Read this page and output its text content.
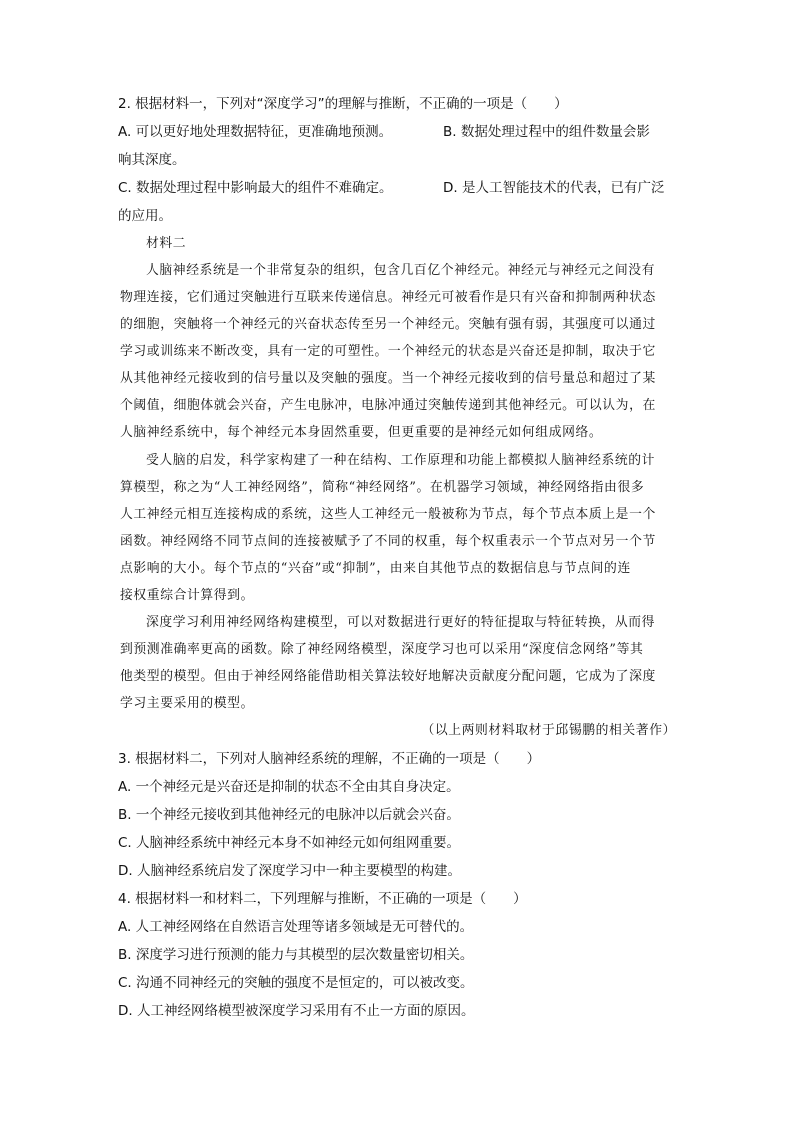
2. 根据材料一，下列对“深度学习”的理解与推断，不正确的一项是（　　）
A. 可以更好地处理数据特征，更准确地预测。	B. 数据处理过程中的组件数量会影
响其深度。
C. 数据处理过程中影响最大的组件不难确定。	D. 是人工智能技术的代表，已有广泛
的应用。
材料二
人脑神经系统是一个非常复杂的组织，包含几百亿个神经元。神经元与神经元之间没有
物理连接，它们通过突触进行互联来传递信息。神经元可被看作是只有兴奋和抑制两种状态
的细胞，突触将一个神经元的兴奋状态传至另一个神经元。突触有强有弱，其强度可以通过
学习或训练来不断改变，具有一定的可塑性。一个神经元的状态是兴奋还是抑制，取决于它
从其他神经元接收到的信号量以及突触的强度。当一个神经元接收到的信号量总和超过了某
个阈值，细胞体就会兴奋，产生电脉冲，电脉冲通过突触传递到其他神经元。可以认为，在
人脑神经系统中，每个神经元本身固然重要，但更重要的是神经元如何组成网络。
受人脑的启发，科学家构建了一种在结构、工作原理和功能上都模拟人脑神经系统的计
算模型，称之为“人工神经网络”，简称“神经网络”。在机器学习领域，神经网络指由很多
人工神经元相互连接构成的系统，这些人工神经元一般被称为节点，每个节点本质上是一个
函数。神经网络不同节点间的连接被赋予了不同的权重，每个权重表示一个节点对另一个节
点影响的大小。每个节点的“兴奋”或“抑制”，由来自其他节点的数据信息与节点间的连
接权重综合计算得到。
深度学习利用神经网络构建模型，可以对数据进行更好的特征提取与特征转换，从而得
到预测准确率更高的函数。除了神经网络模型，深度学习也可以采用“深度信念网络”等其
他类型的模型。但由于神经网络能借助相关算法较好地解决贡献度分配问题，它成为了深度
学习主要采用的模型。
（以上两则材料取材于邱锡鹏的相关著作）
3. 根据材料二，下列对人脑神经系统的理解，不正确的一项是（　　）
A. 一个神经元是兴奋还是抑制的状态不全由其自身决定。
B. 一个神经元接收到其他神经元的电脉冲以后就会兴奋。
C. 人脑神经系统中神经元本身不如神经元如何组网重要。
D. 人脑神经系统启发了深度学习中一种主要模型的构建。
4. 根据材料一和材料二，下列理解与推断，不正确的一项是（　　）
A. 人工神经网络在自然语言处理等诸多领域是无可替代的。
B. 深度学习进行预测的能力与其模型的层次数量密切相关。
C. 沟通不同神经元的突触的强度不是恒定的，可以被改变。
D. 人工神经网络模型被深度学习采用有不止一方面的原因。
